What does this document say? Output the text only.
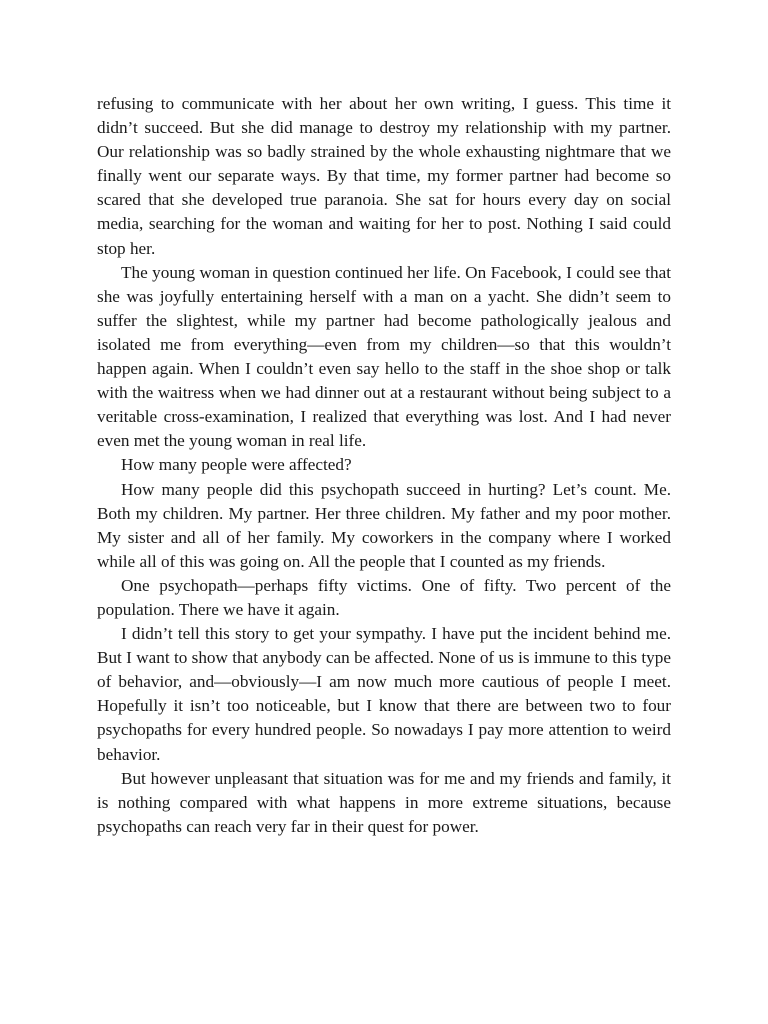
refusing to communicate with her about her own writing, I guess. This time it didn’t succeed. But she did manage to destroy my relationship with my partner. Our relationship was so badly strained by the whole exhausting nightmare that we finally went our separate ways. By that time, my former partner had become so scared that she developed true paranoia. She sat for hours every day on social media, searching for the woman and waiting for her to post. Nothing I said could stop her.

The young woman in question continued her life. On Facebook, I could see that she was joyfully entertaining herself with a man on a yacht. She didn’t seem to suffer the slightest, while my partner had become pathologically jealous and isolated me from everything—even from my children—so that this wouldn’t happen again. When I couldn’t even say hello to the staff in the shoe shop or talk with the waitress when we had dinner out at a restaurant without being subject to a veritable cross-examination, I realized that everything was lost. And I had never even met the young woman in real life.

How many people were affected?

How many people did this psychopath succeed in hurting? Let’s count. Me. Both my children. My partner. Her three children. My father and my poor mother. My sister and all of her family. My coworkers in the company where I worked while all of this was going on. All the people that I counted as my friends.

One psychopath—perhaps fifty victims. One of fifty. Two percent of the population. There we have it again.

I didn’t tell this story to get your sympathy. I have put the incident behind me. But I want to show that anybody can be affected. None of us is immune to this type of behavior, and—obviously—I am now much more cautious of people I meet. Hopefully it isn’t too noticeable, but I know that there are between two to four psychopaths for every hundred people. So nowadays I pay more attention to weird behavior.

But however unpleasant that situation was for me and my friends and family, it is nothing compared with what happens in more extreme situations, because psychopaths can reach very far in their quest for power.
